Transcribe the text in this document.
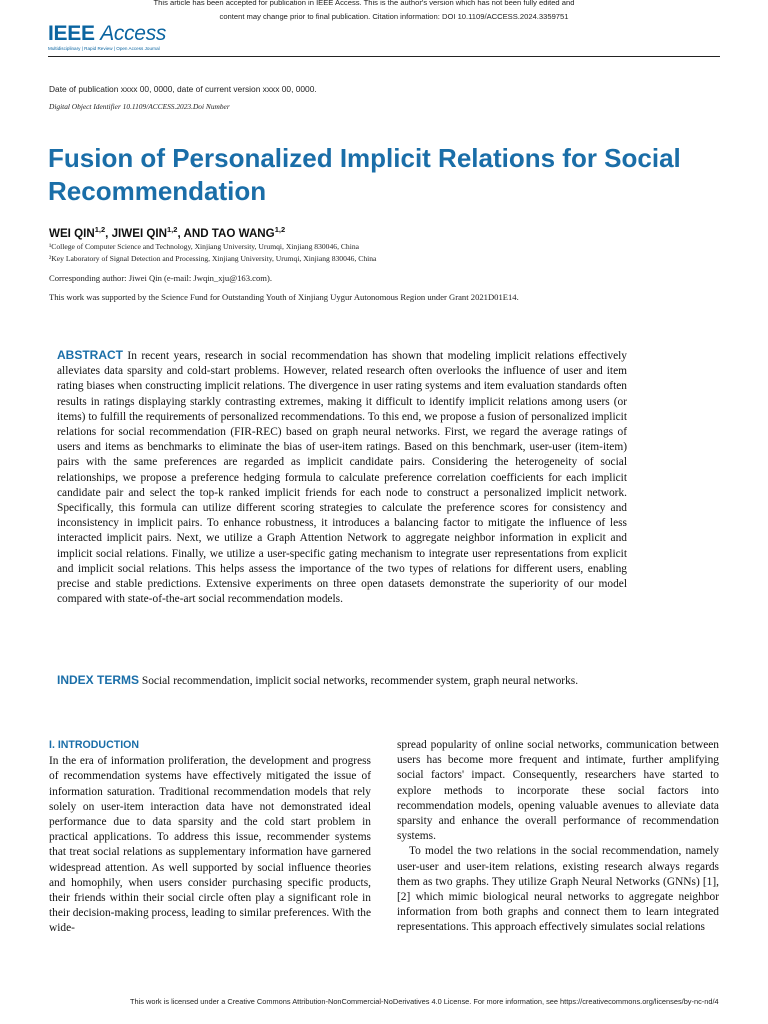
This article has been accepted for publication in IEEE Access. This is the author's version which has not been fully edited and
content may change prior to final publication. Citation information: DOI 10.1109/ACCESS.2024.3359751
IEEE Access
Multidisciplinary | Rapid Review | Open Access Journal
Date of publication xxxx 00, 0000, date of current version xxxx 00, 0000.
Digital Object Identifier 10.1109/ACCESS.2023.Doi Number
Fusion of Personalized Implicit Relations for Social Recommendation
WEI QIN$^{1,2}$, JIWEI QIN$^{1,2}$, AND TAO WANG$^{1,2}$
¹College of Computer Science and Technology, Xinjiang University, Urumqi, Xinjiang 830046, China
²Key Laboratory of Signal Detection and Processing, Xinjiang University, Urumqi, Xinjiang 830046, China
Corresponding author: Jiwei Qin (e-mail: Jwqin_xju@163.com).
This work was supported by the Science Fund for Outstanding Youth of Xinjiang Uygur Autonomous Region under Grant 2021D01E14.

ABSTRACT In recent years, research in social recommendation has shown that modeling implicit relations effectively alleviates data sparsity and cold-start problems. However, related research often overlooks the influence of user and item rating biases when constructing implicit relations. The divergence in user rating systems and item evaluation standards often results in ratings displaying starkly contrasting extremes, making it difficult to identify implicit relations among users (or items) to fulfill the requirements of personalized recommendations. To this end, we propose a fusion of personalized implicit relations for social recommendation (FIR-REC) based on graph neural networks. First, we regard the average ratings of users and items as benchmarks to eliminate the bias of user-item ratings. Based on this benchmark, user-user (item-item) pairs with the same preferences are regarded as implicit candidate pairs. Considering the heterogeneity of social relationships, we propose a preference hedging formula to calculate preference correlation coefficients for each implicit candidate pair and select the top-k ranked implicit friends for each node to construct a personalized implicit network. Specifically, this formula can utilize different scoring strategies to calculate the preference scores for consistency and inconsistency in implicit pairs. To enhance robustness, it introduces a balancing factor to mitigate the influence of less interacted implicit pairs. Next, we utilize a Graph Attention Network to aggregate neighbor information in explicit and implicit social relations. Finally, we utilize a user-specific gating mechanism to integrate user representations from explicit and implicit social relations. This helps assess the importance of the two types of relations for different users, enabling precise and stable predictions. Extensive experiments on three open datasets demonstrate the superiority of our model compared with state-of-the-art social recommendation models.

INDEX TERMS Social recommendation, implicit social networks, recommender system, graph neural networks.

I. INTRODUCTION

In the era of information proliferation, the development and progress of recommendation systems have effectively mitigated the issue of information saturation. Traditional recommendation models that rely solely on user-item interaction data have not demonstrated ideal performance due to data sparsity and the cold start problem in practical applications. To address this issue, recommender systems that treat social relations as supplementary information have garnered widespread attention. As well supported by social influence theories and homophily, when users consider purchasing specific products, their friends within their social circle often play a significant role in their decision-making process, leading to similar preferences. With the wide-

spread popularity of online social networks, communication between users has become more frequent and intimate, further amplifying social factors' impact. Consequently, researchers have started to explore methods to incorporate these social factors into recommendation models, opening valuable avenues to alleviate data sparsity and enhance the overall performance of recommendation systems.

To model the two relations in the social recommendation, namely user-user and user-item relations, existing research always regards them as two graphs. They utilize Graph Neural Networks (GNNs) [1], [2] which mimic biological neural networks to aggregate neighbor information from both graphs and connect them to learn integrated representations. This approach effectively simulates social relations

This work is licensed under a Creative Commons Attribution-NonCommercial-NoDerivatives 4.0 License. For more information, see https://creativecommons.org/licenses/by-nc-nd/4
